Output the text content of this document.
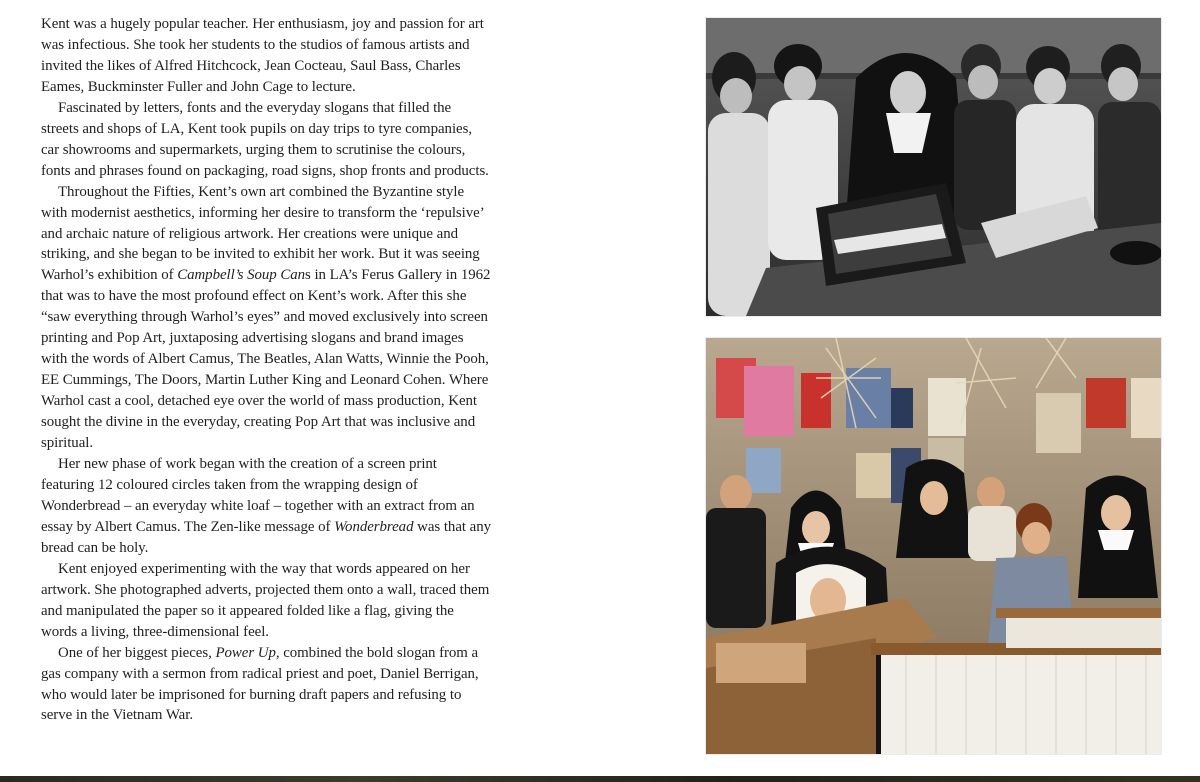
Kent was a hugely popular teacher. Her enthusiasm, joy and passion for art was infectious. She took her students to the studios of famous artists and invited the likes of Alfred Hitchcock, Jean Cocteau, Saul Bass, Charles Eames, Buckminster Fuller and John Cage to lecture.

Fascinated by letters, fonts and the everyday slogans that filled the streets and shops of LA, Kent took pupils on day trips to tyre companies, car showrooms and supermarkets, urging them to scrutinise the colours, fonts and phrases found on packaging, road signs, shop fronts and products.

Throughout the Fifties, Kent’s own art combined the Byzantine style with modernist aesthetics, informing her desire to transform the ‘repulsive’ and archaic nature of religious artwork. Her creations were unique and striking, and she began to be invited to exhibit her work. But it was seeing Warhol’s exhibition of Campbell’s Soup Cans in LA’s Ferus Gallery in 1962 that was to have the most profound effect on Kent’s work. After this she “saw everything through Warhol’s eyes” and moved exclusively into screen printing and Pop Art, juxtaposing advertising slogans and brand images with the words of Albert Camus, The Beatles, Alan Watts, Winnie the Pooh, EE Cummings, The Doors, Martin Luther King and Leonard Cohen. Where Warhol cast a cool, detached eye over the world of mass production, Kent sought the divine in the everyday, creating Pop Art that was inclusive and spiritual.

Her new phase of work began with the creation of a screen print featuring 12 coloured circles taken from the wrapping design of Wonderbread – an everyday white loaf – together with an extract from an essay by Albert Camus. The Zen-like message of Wonderbread was that any bread can be holy.

Kent enjoyed experimenting with the way that words appeared on her artwork. She photographed adverts, projected them onto a wall, traced them and manipulated the paper so it appeared folded like a flag, giving the words a living, three-dimensional feel.

One of her biggest pieces, Power Up, combined the bold slogan from a gas company with a sermon from radical priest and poet, Daniel Berrigan, who would later be imprisoned for burning draft papers and refusing to serve in the Vietnam War.
